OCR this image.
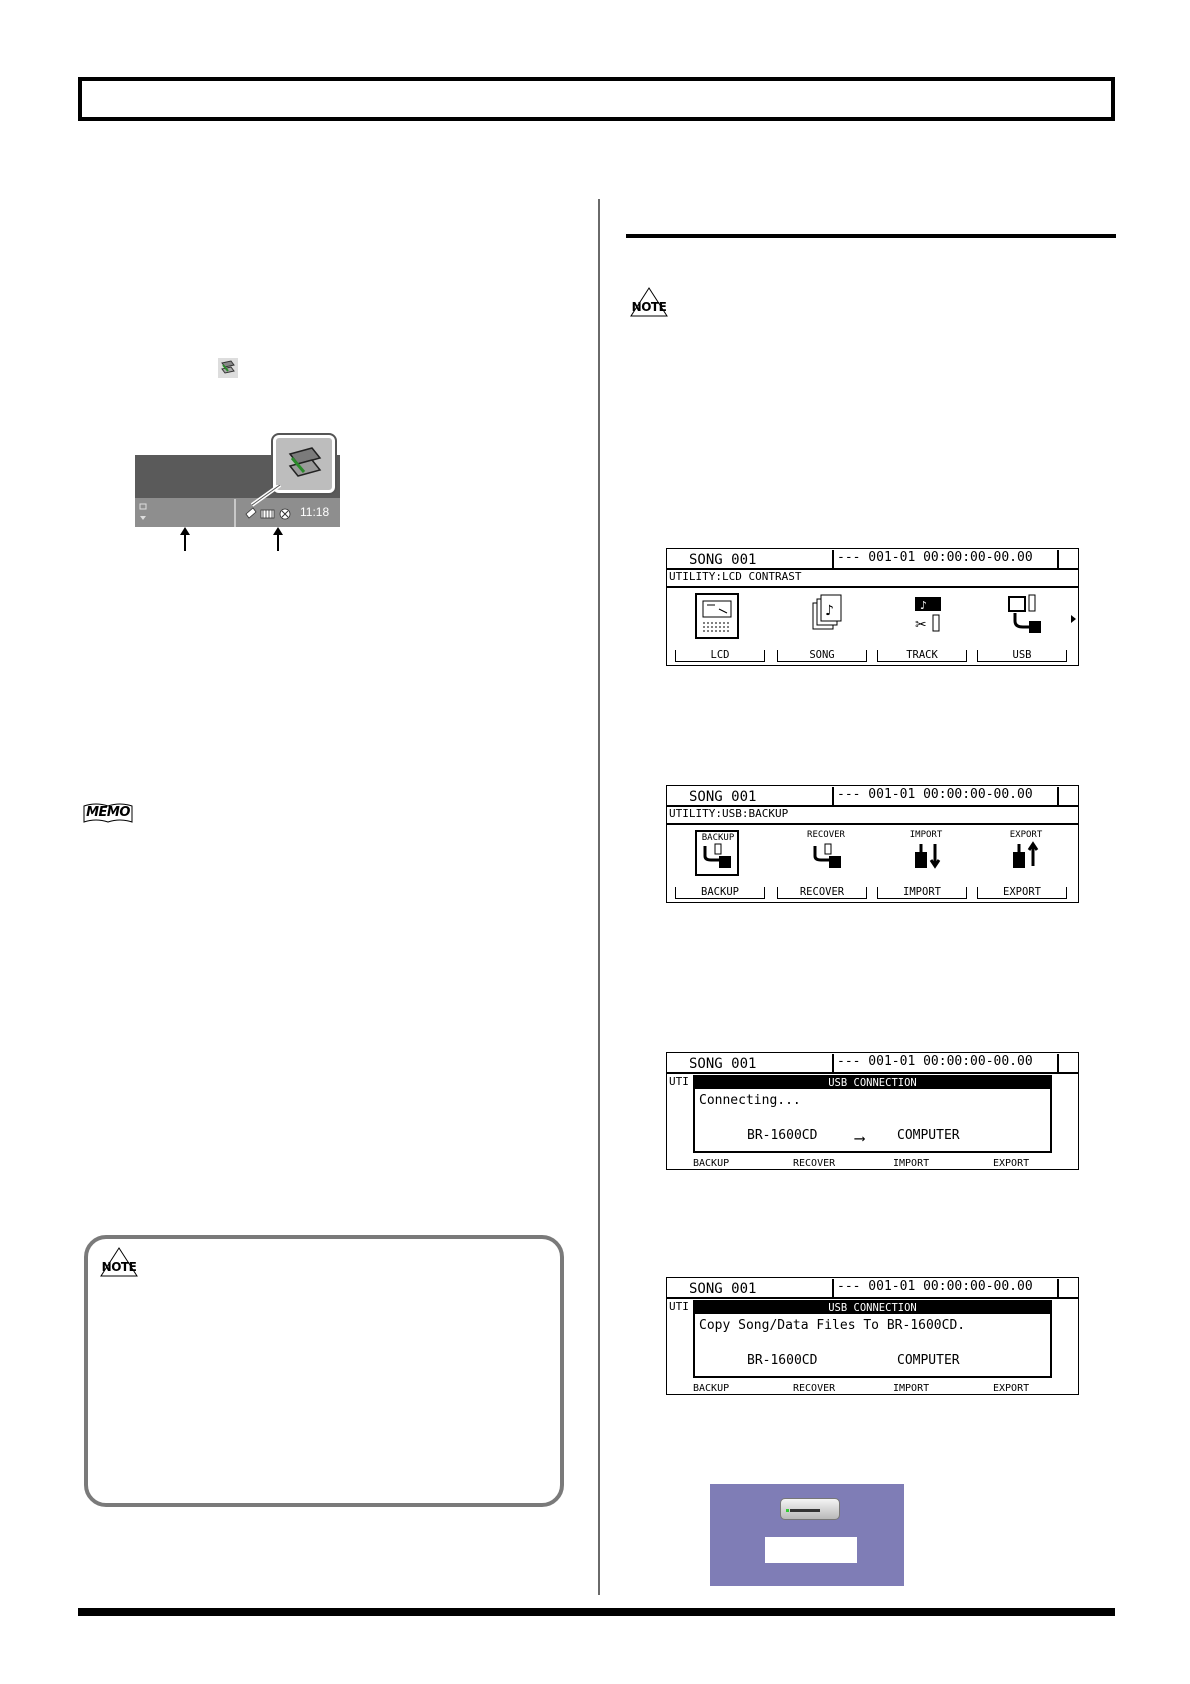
11:18
MEMO
NOTE
NOTE
SONG 001	--- 001-01 00:00:00-00.00
UTILITY:LCD CONTRAST
♪	♪
✂
LCD	SONG	TRACK	USB
SONG 001	--- 001-01 00:00:00-00.00
UTILITY:USB:BACKUP
BACKUP	RECOVER	IMPORT	EXPORT
BACKUP	RECOVER	IMPORT	EXPORT
SONG 001	--- 001-01 00:00:00-00.00
UTI
BACKUP	RECOVER	IMPORT	EXPORT
USB CONNECTION
Connecting...
BR-1600CD	⟶	COMPUTER
SONG 001	--- 001-01 00:00:00-00.00
UTI
BACKUP	RECOVER	IMPORT	EXPORT
USB CONNECTION
Copy Song/Data Files To BR-1600CD.
BR-1600CD	COMPUTER
